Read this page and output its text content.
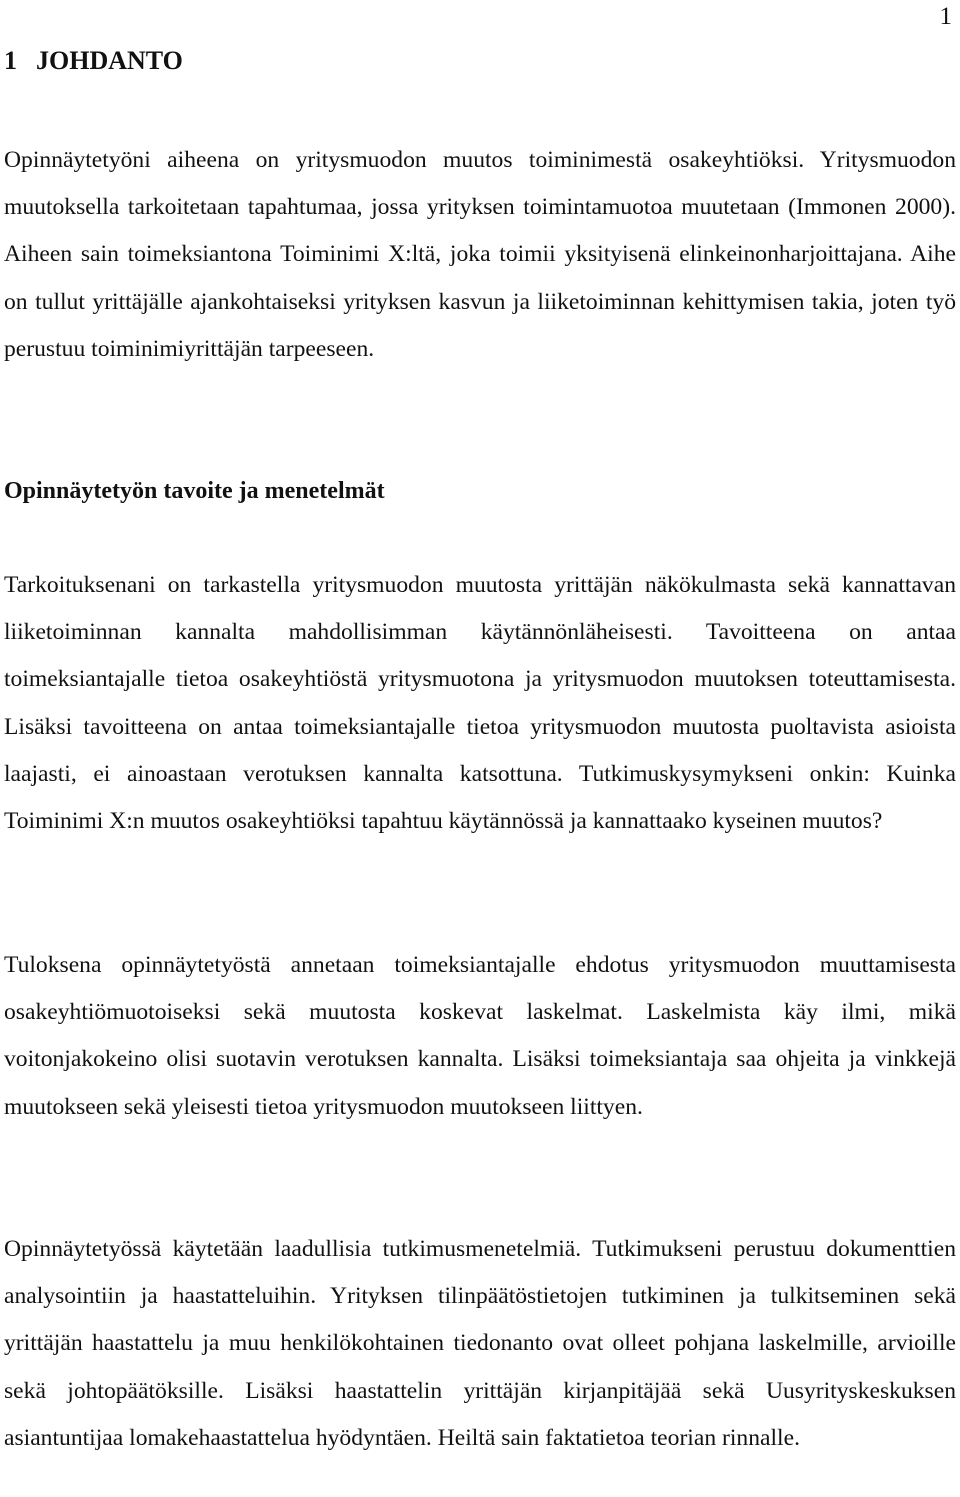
1
1 JOHDANTO

Opinnäytetyöni aiheena on yritysmuodon muutos toiminimestä osakeyhtiöksi. Yritysmuodon muutoksella tarkoitetaan tapahtumaa, jossa yrityksen toimintamuotoa muutetaan (Immonen 2000). Aiheen sain toimeksiantona Toiminimi X:ltä, joka toimii yksityisenä elinkeinonharjoittajana. Aihe on tullut yrittäjälle ajankohtaiseksi yrityksen kasvun ja liiketoiminnan kehittymisen takia, joten työ perustuu toiminimiyrittäjän tarpeeseen.

Opinnäytetyön tavoite ja menetelmät

Tarkoituksenani on tarkastella yritysmuodon muutosta yrittäjän näkökulmasta sekä kannattavan liiketoiminnan kannalta mahdollisimman käytännönläheisesti. Tavoitteena on antaa toimeksiantajalle tietoa osakeyhtiöstä yritysmuotona ja yritysmuodon muutoksen toteuttamisesta. Lisäksi tavoitteena on antaa toimeksiantajalle tietoa yritysmuodon muutosta puoltavista asioista laajasti, ei ainoastaan verotuksen kannalta katsottuna. Tutkimuskysymykseni onkin: Kuinka Toiminimi X:n muutos osakeyhtiöksi tapahtuu käytännössä ja kannattaako kyseinen muutos?

Tuloksena opinnäytetyöstä annetaan toimeksiantajalle ehdotus yritysmuodon muuttamisesta osakeyhtiömuotoiseksi sekä muutosta koskevat laskelmat. Laskelmista käy ilmi, mikä voitonjakokeino olisi suotavin verotuksen kannalta. Lisäksi toimeksiantaja saa ohjeita ja vinkkejä muutokseen sekä yleisesti tietoa yritysmuodon muutokseen liittyen.

Opinnäytetyössä käytetään laadullisia tutkimusmenetelmiä. Tutkimukseni perustuu dokumenttien analysointiin ja haastatteluihin. Yrityksen tilinpäätöstietojen tutkiminen ja tulkitseminen sekä yrittäjän haastattelu ja muu henkilökohtainen tiedonanto ovat olleet pohjana laskelmille, arvioille sekä johtopäätöksille. Lisäksi haastattelin yrittäjän kirjanpitäjää sekä Uusyrityskeskuksen asiantuntijaa lomakehaastattelua hyödyntäen. Heiltä sain faktatietoa teorian rinnalle.
